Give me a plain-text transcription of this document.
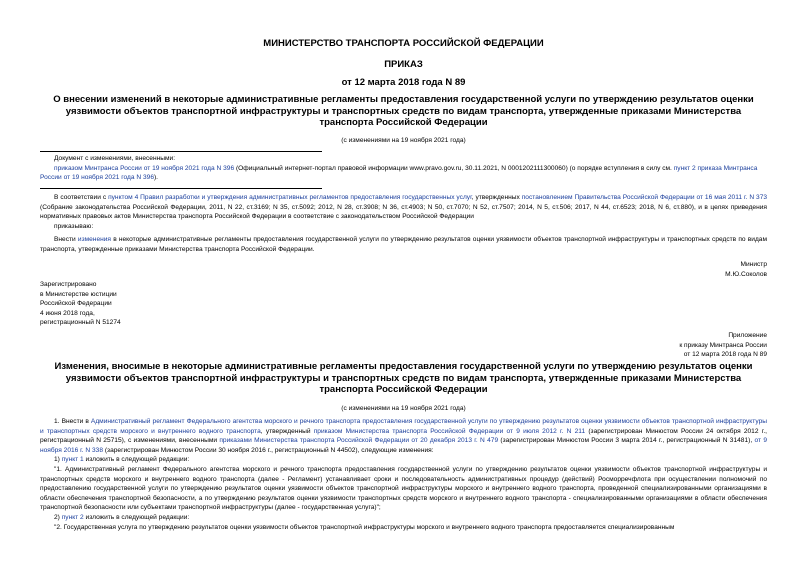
МИНИСТЕРСТВО ТРАНСПОРТА РОССИЙСКОЙ ФЕДЕРАЦИИ
ПРИКАЗ
от 12 марта 2018 года N 89
О внесении изменений в некоторые административные регламенты предоставления государственной услуги по утверждению результатов оценки уязвимости объектов транспортной инфраструктуры и транспортных средств по видам транспорта, утвержденные приказами Министерства транспорта Российской Федерации
(с изменениями на 19 ноября 2021 года)
Документ с изменениями, внесенными:
приказом Минтранса России от 19 ноября 2021 года N 396 (Официальный интернет-портал правовой информации www.pravo.gov.ru, 30.11.2021, N 0001202111300060) (о порядке вступления в силу см. пункт 2 приказа Минтранса России от 19 ноября 2021 года N 396).
В соответствии с пунктом 4 Правил разработки и утверждения административных регламентов предоставления государственных услуг, утвержденных постановлением Правительства Российской Федерации от 16 мая 2011 г. N 373 (Собрание законодательства Российской Федерации, 2011, N 22, ст.3169; N 35, ст.5092; 2012, N 28, ст.3908; N 36, ст.4903; N 50, ст.7070; N 52, ст.7507; 2014, N 5, ст.506; 2017, N 44, ст.6523; 2018, N 6, ст.880), и в целях приведения нормативных правовых актов Министерства транспорта Российской Федерации в соответствие с законодательством Российской Федерации
приказываю:
Внести изменения в некоторые административные регламенты предоставления государственной услуги по утверждению результатов оценки уязвимости объектов транспортной инфраструктуры и транспортных средств по видам транспорта, утвержденные приказами Министерства транспорта Российской Федерации.
Министр
М.Ю.Соколов
Зарегистрировано
в Министерстве юстиции
Российской Федерации
4 июня 2018 года,
регистрационный N 51274
Приложение
к приказу Минтранса России
от 12 марта 2018 года N 89
Изменения, вносимые в некоторые административные регламенты предоставления государственной услуги по утверждению результатов оценки уязвимости объектов транспортной инфраструктуры и транспортных средств по видам транспорта, утвержденные приказами Министерства транспорта Российской Федерации
(с изменениями на 19 ноября 2021 года)
1. Внести в Административный регламент Федерального агентства морского и речного транспорта предоставления государственной услуги по утверждению результатов оценки уязвимости объектов транспортной инфраструктуры и транспортных средств морского и внутреннего водного транспорта, утвержденный приказом Министерства транспорта Российской Федерации от 9 июля 2012 г. N 211 (зарегистрирован Минюстом России 24 октября 2012 г., регистрационный N 25715), с изменениями, внесенными приказами Министерства транспорта Российской Федерации от 20 декабря 2013 г. N 479 (зарегистрирован Минюстом России 3 марта 2014 г., регистрационный N 31481), от 9 ноября 2016 г. N 338 (зарегистрирован Минюстом России 30 ноября 2016 г., регистрационный N 44502), следующие изменения:
1) пункт 1 изложить в следующей редакции:
"1. Административный регламент Федерального агентства морского и речного транспорта предоставления государственной услуги по утверждению результатов оценки уязвимости объектов транспортной инфраструктуры и транспортных средств морского и внутреннего водного транспорта (далее - Регламент) устанавливает сроки и последовательность административных процедур (действий) Росморречфлота при осуществлении полномочий по предоставлению государственной услуги по утверждению результатов оценки уязвимости объектов транспортной инфраструктуры морского и внутреннего водного транспорта, проведенной специализированными организациями в области обеспечения транспортной безопасности, а по утверждению результатов оценки уязвимости транспортных средств морского и внутреннего водного транспорта - специализированными организациями в области обеспечения транспортной безопасности или субъектами транспортной инфраструктуры (далее - государственная услуга)";
2) пункт 2 изложить в следующей редакции:
"2. Государственная услуга по утверждению результатов оценки уязвимости объектов транспортной инфраструктуры морского и внутреннего водного транспорта предоставляется специализированным
